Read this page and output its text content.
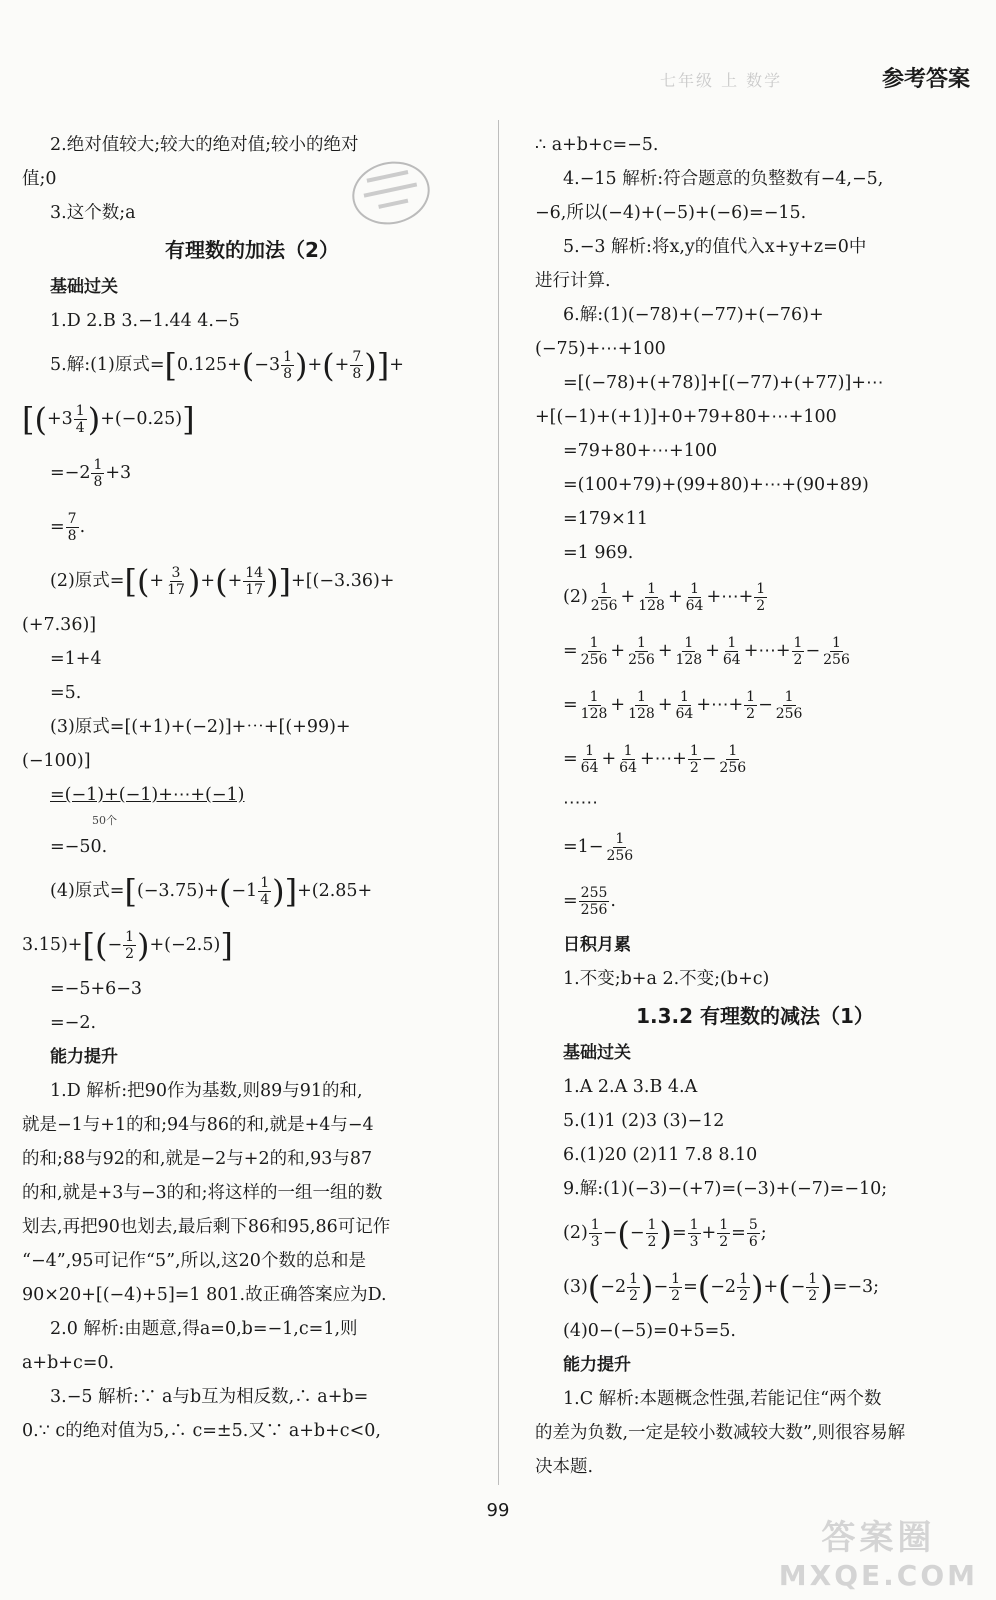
七年级 上 数学	参考答案
2.绝对值较大;较大的绝对值;较小的绝对
值;0
3.这个数;a
有理数的加法（2）
基础过关
1.D 2.B 3.−1.44 4.−5
5.解:(1)原式$=[0.125+(-3 \frac{1}{8}$ )+(+ $\frac{7}{8}$ )]+
$[(+3 \frac{1}{4} )+(-0.25)]$
$=-2 \frac{1}{8} +3$
= $\frac{7}{8}$ .
(2)原式=[(+ $\frac{3}{17}$ )+(+ $\frac{14}{17} )]+[(-3.36)+$
(+7.36)]
=1+4
=5.
(3)原式=[(+1)+(−2)]+⋯+[(+99)+
(−100)]
=(−1)+(−1)+⋯+(−1)
50个
=−50.
(4)原式$=[(-3.75)+(-1 \frac{1}{4} )]+(2.85+$
$3.15)+[(- \frac{1}{2} )+(-2.5)]$
=−5+6−3
=−2.
能力提升
1.D 解析:把90作为基数,则89与91的和,
就是−1与+1的和;94与86的和,就是+4与−4
的和;88与92的和,就是−2与+2的和,93与87
的和,就是+3与−3的和;将这样的一组一组的数
划去,再把90也划去,最后剩下86和95,86可记作
“−4”,95可记作“5”,所以,这20个数的总和是
90×20+[(−4)+5]=1 801.故正确答案应为D.
2.0 解析:由题意,得a=0,b=−1,c=1,则
a+b+c=0.
3.−5 解析:∵ a与b互为相反数,∴ a+b=
0.∵ c的绝对值为5,∴ c=±5.又∵ a+b+c<0,
∴ a+b+c=−5.
4.−15 解析:符合题意的负整数有−4,−5,
−6,所以(−4)+(−5)+(−6)=−15.
5.−3 解析:将x,y的值代入x+y+z=0中
进行计算.
6.解:(1)(−78)+(−77)+(−76)+
(−75)+⋯+100
=[(−78)+(+78)]+[(−77)+(+77)]+⋯
+[(−1)+(+1)]+0+79+80+⋯+100
=79+80+⋯+100
=(100+79)+(99+80)+⋯+(90+89)
=179×11
=1 969.
$(2) \frac{1}{256} + \frac{1}{128} + \frac{1}{64}$ +⋯+ $\frac{1}{2}$
= $\frac{1}{256} + \frac{1}{256} + \frac{1}{128} + \frac{1}{64}$ +⋯+ $\frac{1}{2} - \frac{1}{256}$
= $\frac{1}{128} + \frac{1}{128} + \frac{1}{64}$ +⋯+ $\frac{1}{2} - \frac{1}{256}$
= $\frac{1}{64} + \frac{1}{64}$ +⋯+ $\frac{1}{2} - \frac{1}{256}$
⋯⋯
$=1- \frac{1}{256}$
= $\frac{255}{256}$ .
日积月累
1.不变;b+a 2.不变;(b+c)
1.3.2 有理数的减法（1）
基础过关
1.A 2.A 3.B 4.A
5.(1)1 (2)3 (3)−12
6.(1)20 (2)11 7.8 8.10
9.解:(1)(−3)−(+7)=(−3)+(−7)=−10;
$(2) \frac{1}{3}$ −(− $\frac{1}{2}$ )= $\frac{1}{3} + \frac{1}{2} = \frac{5}{6}$ ;
$(3)(-2 \frac{1}{2}$ )− $\frac{1}{2} =(-2 \frac{1}{2}$ )+(− $\frac{1}{2} )=-3$;
(4)0−(−5)=0+5=5.
能力提升
1.C 解析:本题概念性强,若能记住“两个数
的差为负数,一定是较小数减较大数”,则很容易解
决本题.
99
答案圈
MXQE.COM
